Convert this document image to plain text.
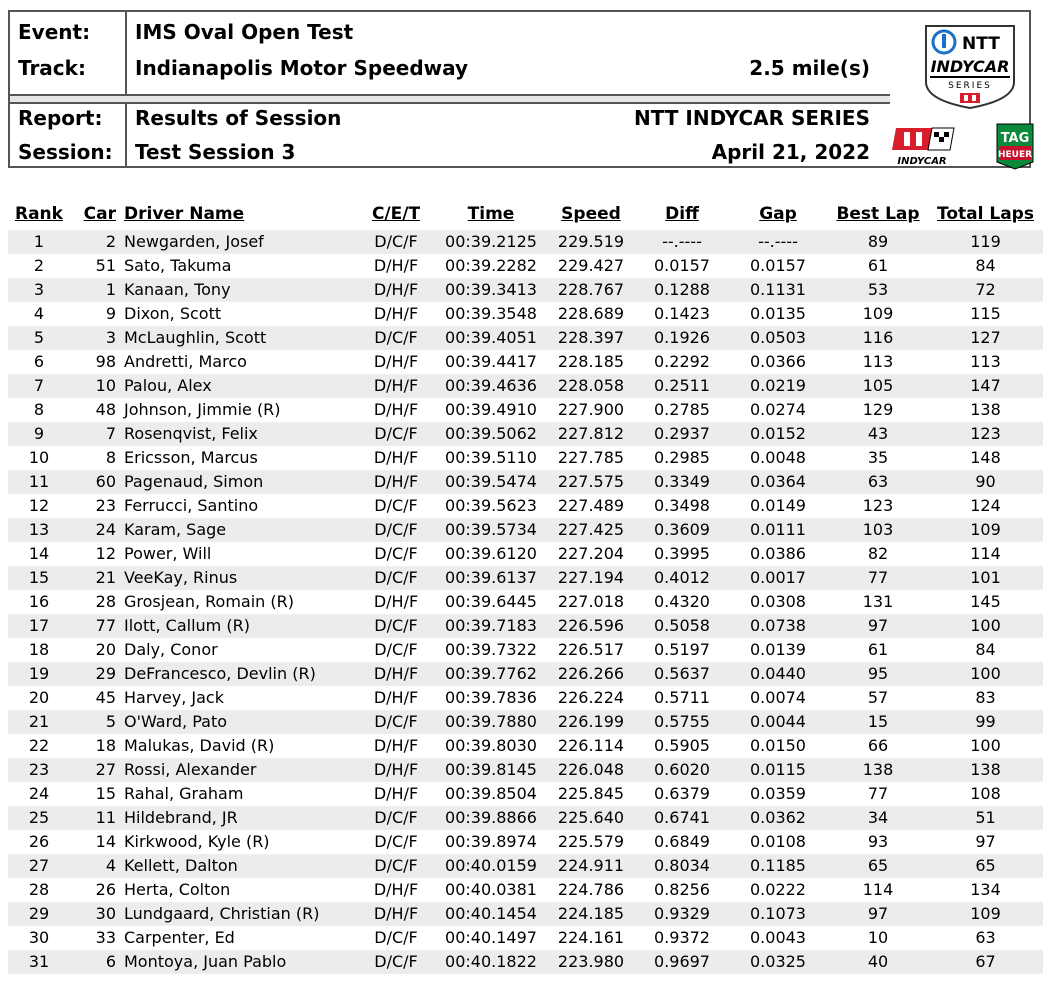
Event:	IMS Oval Open Test
Track:	Indianapolis Motor Speedway	2.5 mile(s)
Report:	Results of Session	NTT INDYCAR SERIES
Session:	Test Session 3	April 21, 2022
NTT
INDYCAR
SERIES
INDYCAR
TAG
HEUER
Rank	Car	Driver Name	C/E/T	Time	Speed	Diff	Gap	Best Lap	Total Laps
1	2	Newgarden, Josef	D/C/F	00:39.2125	229.519	--.----	--.----	89	119
2	51	Sato, Takuma	D/H/F	00:39.2282	229.427	0.0157	0.0157	61	84
3	1	Kanaan, Tony	D/H/F	00:39.3413	228.767	0.1288	0.1131	53	72
4	9	Dixon, Scott	D/H/F	00:39.3548	228.689	0.1423	0.0135	109	115
5	3	McLaughlin, Scott	D/C/F	00:39.4051	228.397	0.1926	0.0503	116	127
6	98	Andretti, Marco	D/H/F	00:39.4417	228.185	0.2292	0.0366	113	113
7	10	Palou, Alex	D/H/F	00:39.4636	228.058	0.2511	0.0219	105	147
8	48	Johnson, Jimmie (R)	D/H/F	00:39.4910	227.900	0.2785	0.0274	129	138
9	7	Rosenqvist, Felix	D/C/F	00:39.5062	227.812	0.2937	0.0152	43	123
10	8	Ericsson, Marcus	D/H/F	00:39.5110	227.785	0.2985	0.0048	35	148
11	60	Pagenaud, Simon	D/H/F	00:39.5474	227.575	0.3349	0.0364	63	90
12	23	Ferrucci, Santino	D/C/F	00:39.5623	227.489	0.3498	0.0149	123	124
13	24	Karam, Sage	D/C/F	00:39.5734	227.425	0.3609	0.0111	103	109
14	12	Power, Will	D/C/F	00:39.6120	227.204	0.3995	0.0386	82	114
15	21	VeeKay, Rinus	D/C/F	00:39.6137	227.194	0.4012	0.0017	77	101
16	28	Grosjean, Romain (R)	D/H/F	00:39.6445	227.018	0.4320	0.0308	131	145
17	77	Ilott, Callum (R)	D/C/F	00:39.7183	226.596	0.5058	0.0738	97	100
18	20	Daly, Conor	D/C/F	00:39.7322	226.517	0.5197	0.0139	61	84
19	29	DeFrancesco, Devlin (R)	D/H/F	00:39.7762	226.266	0.5637	0.0440	95	100
20	45	Harvey, Jack	D/H/F	00:39.7836	226.224	0.5711	0.0074	57	83
21	5	O'Ward, Pato	D/C/F	00:39.7880	226.199	0.5755	0.0044	15	99
22	18	Malukas, David (R)	D/H/F	00:39.8030	226.114	0.5905	0.0150	66	100
23	27	Rossi, Alexander	D/H/F	00:39.8145	226.048	0.6020	0.0115	138	138
24	15	Rahal, Graham	D/H/F	00:39.8504	225.845	0.6379	0.0359	77	108
25	11	Hildebrand, JR	D/C/F	00:39.8866	225.640	0.6741	0.0362	34	51
26	14	Kirkwood, Kyle (R)	D/C/F	00:39.8974	225.579	0.6849	0.0108	93	97
27	4	Kellett, Dalton	D/C/F	00:40.0159	224.911	0.8034	0.1185	65	65
28	26	Herta, Colton	D/H/F	00:40.0381	224.786	0.8256	0.0222	114	134
29	30	Lundgaard, Christian (R)	D/H/F	00:40.1454	224.185	0.9329	0.1073	97	109
30	33	Carpenter, Ed	D/C/F	00:40.1497	224.161	0.9372	0.0043	10	63
31	6	Montoya, Juan Pablo	D/C/F	00:40.1822	223.980	0.9697	0.0325	40	67
